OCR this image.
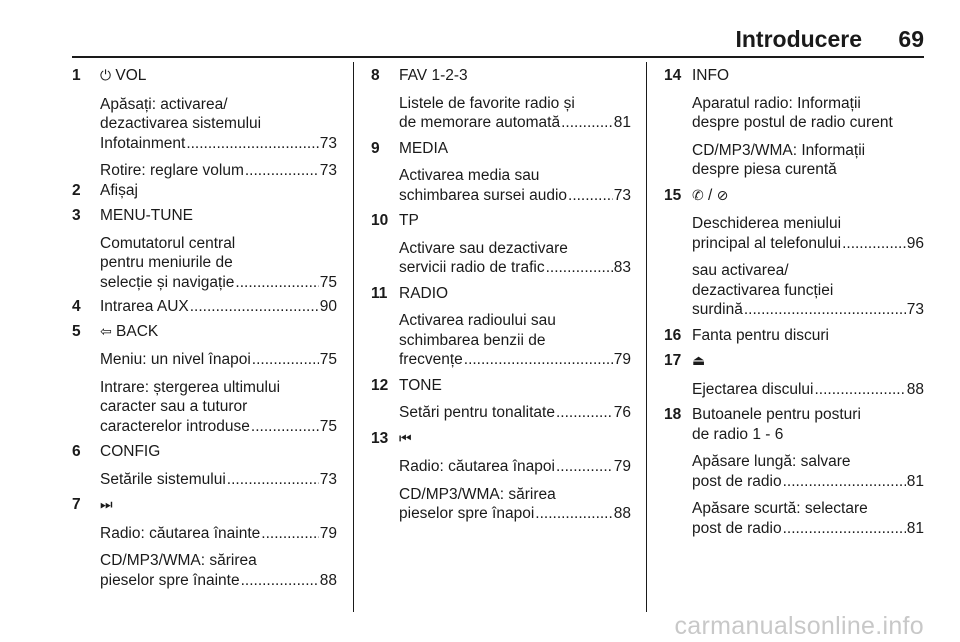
Introducere 69
1 ⏻ VOL
Apăsați: activarea/
dezactivarea sistemului
Infotainment .....	73
Rotire: reglare volum .....	73
2 Afișaj
3 MENU-TUNE
Comutatorul central
pentru meniurile de
selecție și navigație .....	75
4 Intrarea AUX .....	90
5 ⇦ BACK
Meniu: un nivel înapoi .....	75
Intrare: ștergerea ultimului
caracter sau a tuturor
caracterelor introduse .....	75
6 CONFIG
Setările sistemului .....	73
7 ⏭
Radio: căutarea înainte .....	79
CD/MP3/WMA: sărirea
pieselor spre înainte .....	88
8 FAV 1-2-3
Listele de favorite radio și
de memorare automată .....	81
9 MEDIA
Activarea media sau
schimbarea sursei audio .....	73
10 TP
Activare sau dezactivare
servicii radio de trafic .....	83
11 RADIO
Activarea radioului sau
schimbarea benzii de
frecvențe .....	79
12 TONE
Setări pentru tonalitate .....	76
13 ⏮
Radio: căutarea înapoi .....	79
CD/MP3/WMA: sărirea
pieselor spre înapoi .....	88
14 INFO
Aparatul radio: Informații
despre postul de radio curent
CD/MP3/WMA: Informații
despre piesa curentă
15 ✆ / ⊘
Deschiderea meniului
principal al telefonului .....	96
sau activarea/
dezactivarea funcției
surdină .....	73
16 Fanta pentru discuri
17 ⏏
Ejectarea discului .....	88
18 Butoanele pentru posturi
de radio 1 - 6
Apăsare lungă: salvare
post de radio .....	81
Apăsare scurtă: selectare
post de radio .....	81
carmanualsonline.info
